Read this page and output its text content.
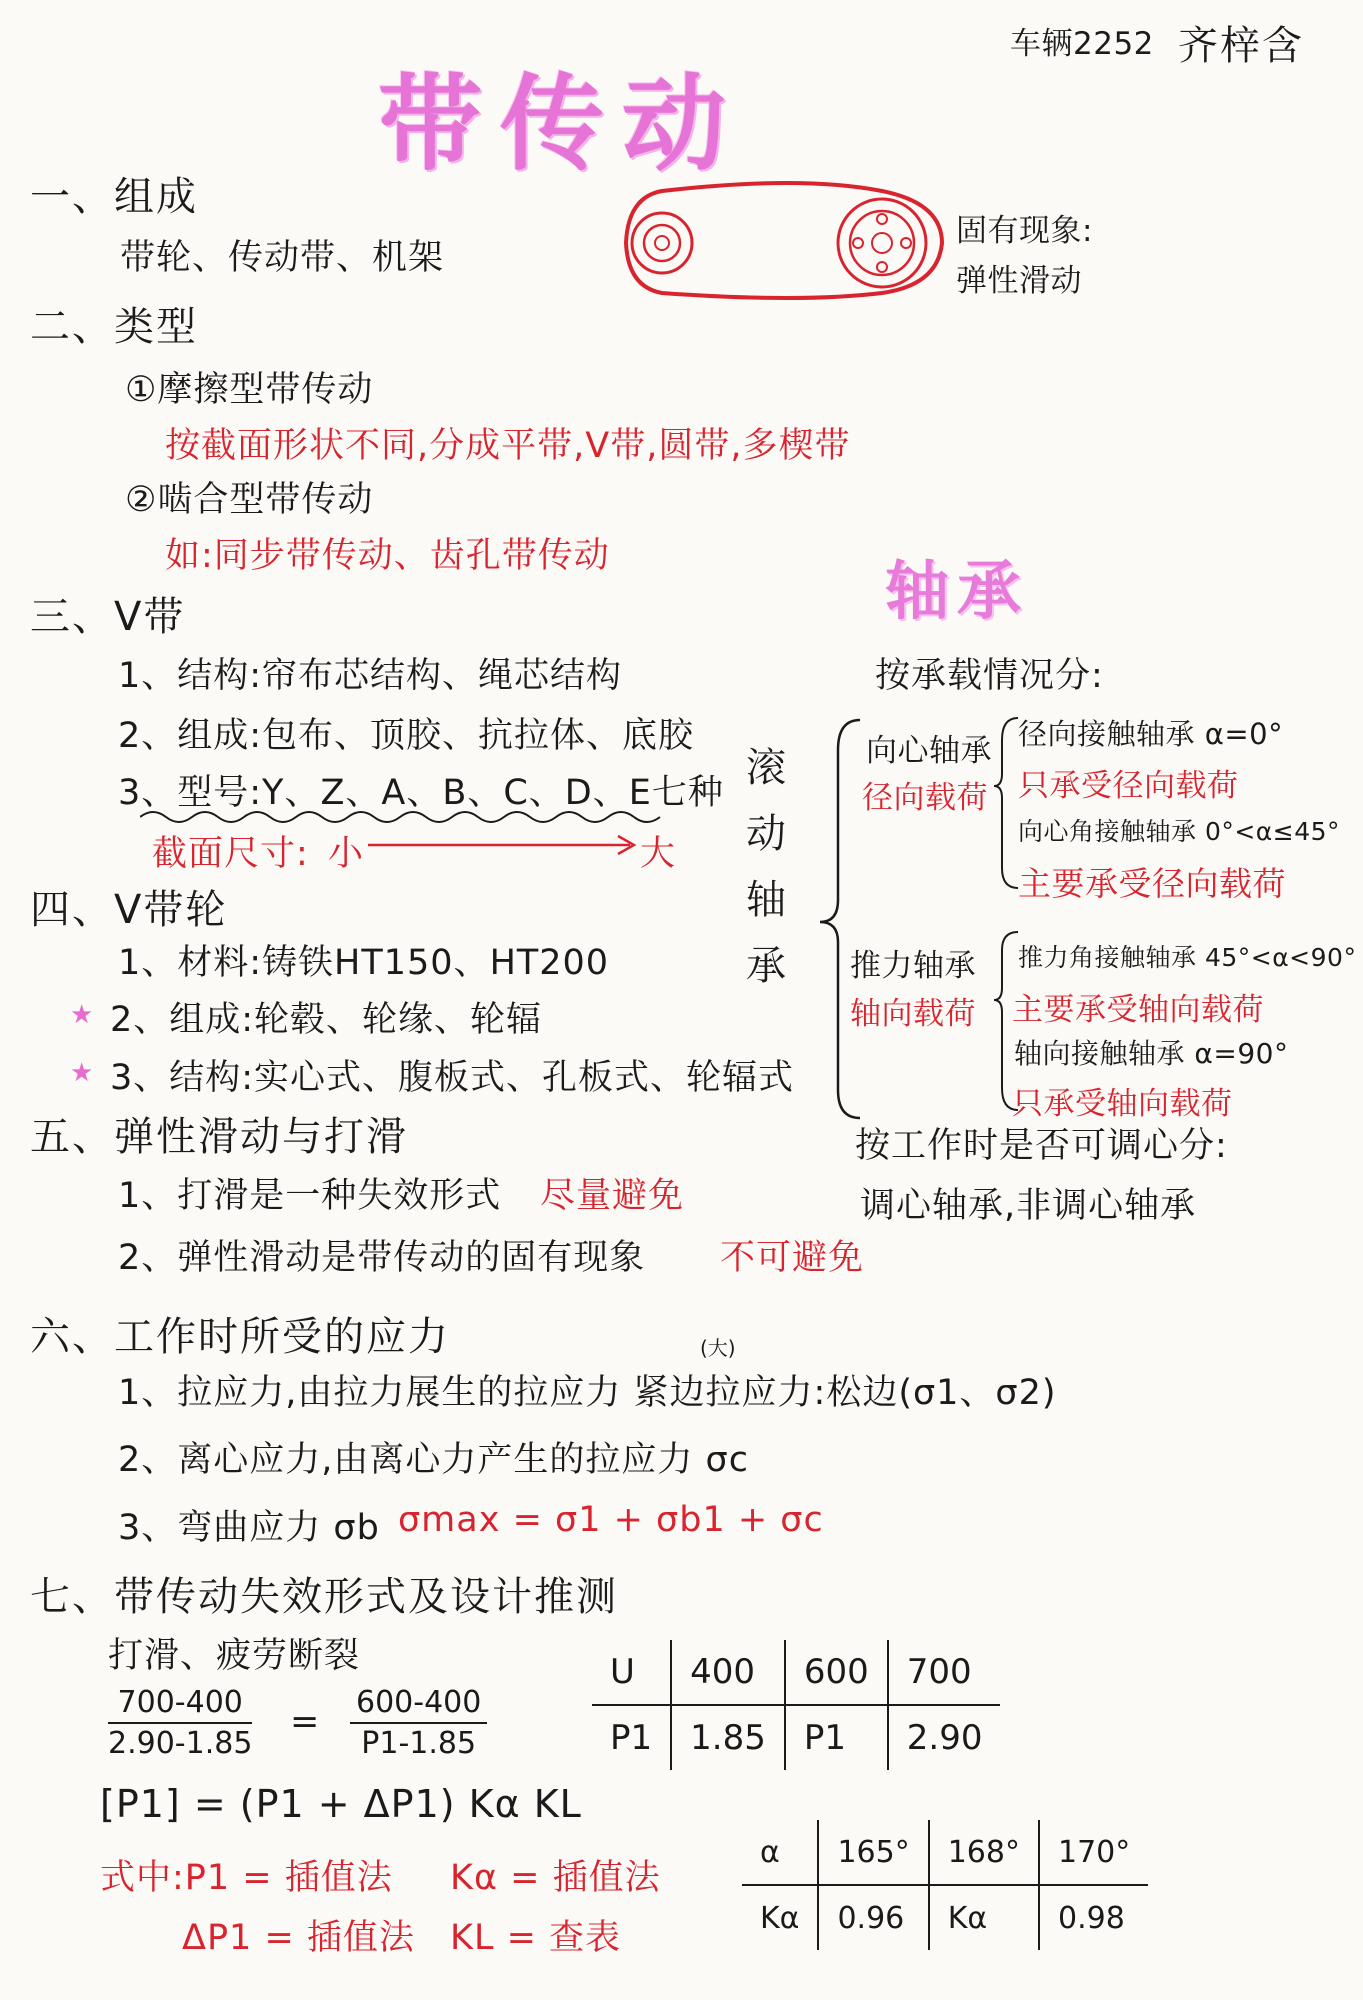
车辆2252 齐梓含
带传动
一、组成
带轮、传动带、机架
固有现象:
弹性滑动
二、类型
①摩擦型带传动
按截面形状不同,分成平带,V带,圆带,多楔带
②啮合型带传动
如:同步带传动、齿孔带传动
三、V带
1、结构:帘布芯结构、绳芯结构
2、组成:包布、顶胶、抗拉体、底胶
3、型号:Y、Z、A、B、C、D、E七种
截面尺寸: 小	大
四、V带轮
1、材料:铸铁HT150、HT200
★ 2、组成:轮毂、轮缘、轮辐
★ 3、结构:实心式、腹板式、孔板式、轮辐式
五、弹性滑动与打滑
1、打滑是一种失效形式 尽量避免
2、弹性滑动是带传动的固有现象 不可避免
六、工作时所受的应力	(大)
1、拉应力,由拉力展生的拉应力 紧边拉应力:松边(σ1、σ2)
2、离心应力,由离心力产生的拉应力 σc
3、弯曲应力 σb σmax = σ1 + σb1 + σc
七、带传动失效形式及设计推测
打滑、疲劳断裂
$\frac{700-400}{2.90-1.85} = \frac{600-400}{P1-1.85}$
[P1] = (P1 + ΔP1) Kα KL
式中:P1 = 插值法 Kα = 插值法
ΔP1 = 插值法 KL = 查表
U	400	600	700
P1	1.85	P1	2.90
α	165°	168°	170°
Kα	0.96	Kα	0.98
轴承
按承载情况分:
滚
动
轴
承
向心轴承
径向载荷
径向接触轴承 α=0°
只承受径向载荷
向心角接触轴承 0°<α≤45°
主要承受径向载荷
推力轴承
轴向载荷
推力角接触轴承 45°<α<90°
主要承受轴向载荷
轴向接触轴承 α=90°
只承受轴向载荷
按工作时是否可调心分:
调心轴承,非调心轴承
